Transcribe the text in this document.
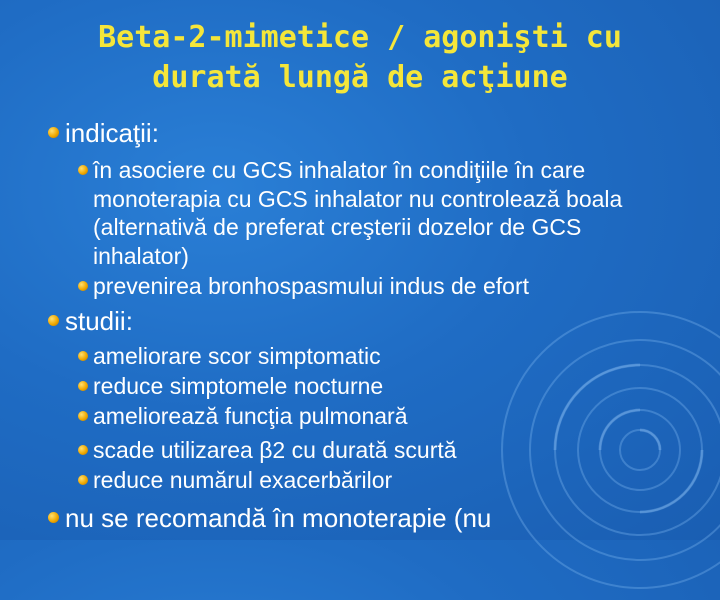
Beta-2-mimetice / agonişti cu
durată lungă de acţiune
indicaţii:
în asociere cu GCS inhalator în condiţiile în care monoterapia cu GCS inhalator nu controlează boala (alternativă de preferat creşterii dozelor de GCS inhalator)
prevenirea bronhospasmului indus de efort
studii:
ameliorare scor simptomatic
reduce simptomele nocturne
ameliorează funcţia pulmonară
scade utilizarea β2 cu durată scurtă
reduce numărul exacerbărilor
nu se recomandă în monoterapie (nu
